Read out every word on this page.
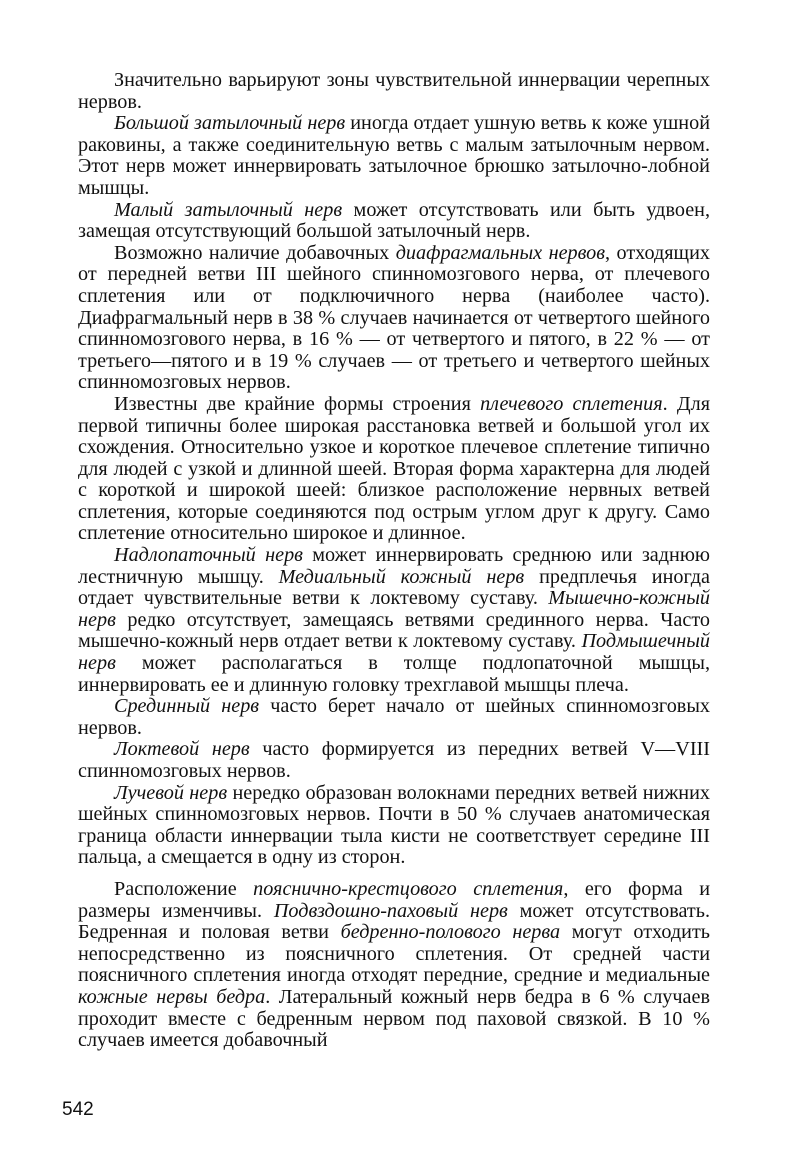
Значительно варьируют зоны чувствительной иннервации черепных нервов.

Большой затылочный нерв иногда отдает ушную ветвь к коже ушной раковины, а также соединительную ветвь с малым затылочным нервом. Этот нерв может иннервировать затылочное брюшко затылочно-лобной мышцы.

Малый затылочный нерв может отсутствовать или быть удвоен, замещая отсутствующий большой затылочный нерв.

Возможно наличие добавочных диафрагмальных нервов, отходящих от передней ветви III шейного спинномозгового нерва, от плечевого сплетения или от подключичного нерва (наиболее часто). Диафрагмальный нерв в 38 % случаев начинается от четвертого шейного спинномозгового нерва, в 16 % — от четвертого и пятого, в 22 % — от третьего—пятого и в 19 % случаев — от третьего и четвертого шейных спинномозговых нервов.

Известны две крайние формы строения плечевого сплетения. Для первой типичны более широкая расстановка ветвей и большой угол их схождения. Относительно узкое и короткое плечевое сплетение типично для людей с узкой и длинной шеей. Вторая форма характерна для людей с короткой и широкой шеей: близкое расположение нервных ветвей сплетения, которые соединяются под острым углом друг к другу. Само сплетение относительно широкое и длинное.

Надлопаточный нерв может иннервировать среднюю или заднюю лестничную мышцу. Медиальный кожный нерв предплечья иногда отдает чувствительные ветви к локтевому суставу. Мышечно-кожный нерв редко отсутствует, замещаясь ветвями срединного нерва. Часто мышечно-кожный нерв отдает ветви к локтевому суставу. Подмышечный нерв может располагаться в толще подлопаточной мышцы, иннервировать ее и длинную головку трехглавой мышцы плеча.

Срединный нерв часто берет начало от шейных спинномозговых нервов.

Локтевой нерв часто формируется из передних ветвей V—VIII спинномозговых нервов.

Лучевой нерв нередко образован волокнами передних ветвей нижних шейных спинномозговых нервов. Почти в 50 % случаев анатомическая граница области иннервации тыла кисти не соответствует середине III пальца, а смещается в одну из сторон.

Расположение пояснично-крестцового сплетения, его форма и размеры изменчивы. Подвздошно-паховый нерв может отсутствовать. Бедренная и половая ветви бедренно-полового нерва могут отходить непосредственно из поясничного сплетения. От средней части поясничного сплетения иногда отходят передние, средние и медиальные кожные нервы бедра. Латеральный кожный нерв бедра в 6 % случаев проходит вместе с бедренным нервом под паховой связкой. В 10 % случаев имеется добавочный

542
